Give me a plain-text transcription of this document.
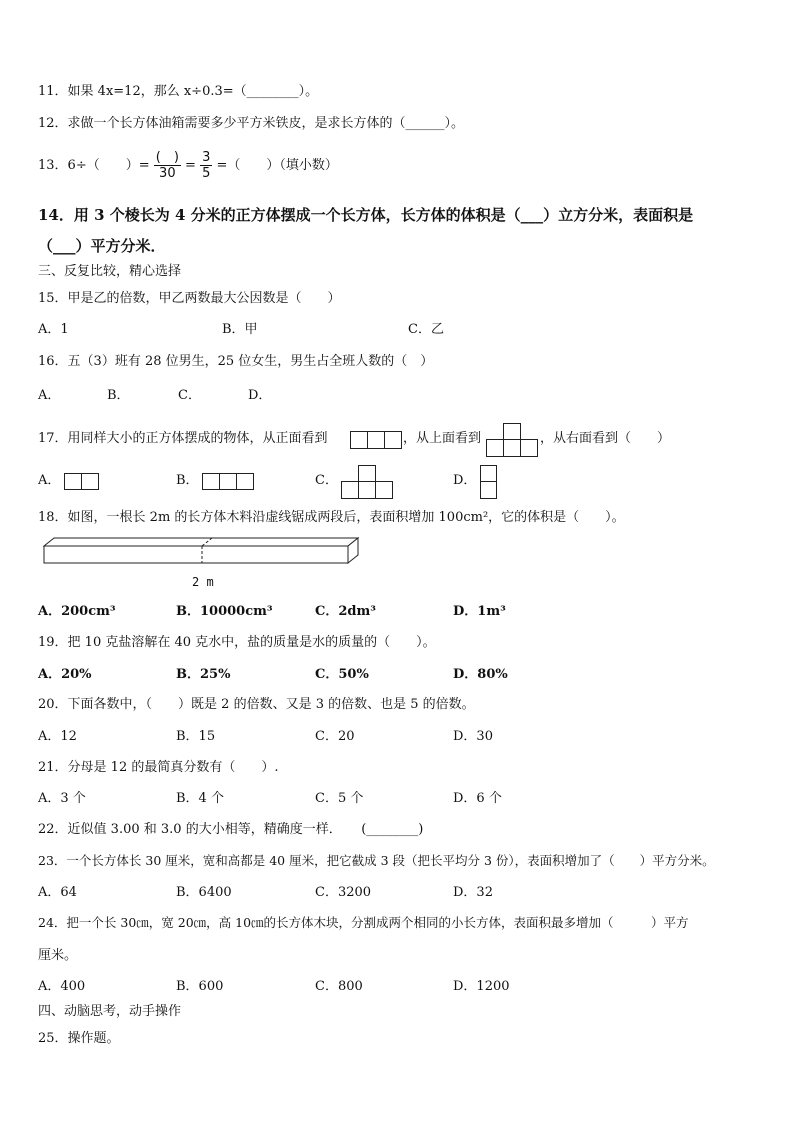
11．如果 4x=12，那么 x÷0.3=（________）。
12．求做一个长方体油箱需要多少平方米铁皮，是求长方体的（______）。
13．6÷（　　）= $\frac{( )}{30} = \frac{3}{5}$ =（　　）（填小数）
14．用 3 个棱长为 4 分米的正方体摆成一个长方体，长方体的体积是（___）立方分米，表面积是
（___）平方分米．
三、反复比较，精心选择
15．甲是乙的倍数，甲乙两数最大公因数是（　　）
A．1	B．甲	C．乙
16．五（3）班有 28 位男生，25 位女生，男生占全班人数的（　）
A．	B．	C．	D．
17．用同样大小的正方体摆成的物体，从正面看到	，从上面看到	，从右面看到（　　）
A．	B．	C．	D．
18．如图，一根长 2m 的长方体木料沿虚线锯成两段后，表面积增加 100cm²，它的体积是（　　）。
2 m
A．200cm³	B．10000cm³	C．2dm³	D．1m³
19．把 10 克盐溶解在 40 克水中，盐的质量是水的质量的（　　）。
A．20%	B．25%	C．50%	D．80%
20．下面各数中，（　　）既是 2 的倍数、又是 3 的倍数、也是 5 的倍数。
A．12	B．15	C．20	D．30
21．分母是 12 的最简真分数有（　　）.
A．3 个	B．4 个	C．5 个	D．6 个
22．近似值 3.00 和 3.0 的大小相等，精确度一样．　　(________)
23．一个长方体长 30 厘米，宽和高都是 40 厘米，把它截成 3 段（把长平均分 3 份），表面积增加了（　　）平方分米。
A．64	B．6400	C．3200	D．32
24．把一个长 30㎝，宽 20㎝，高 10㎝的长方体木块，分割成两个相同的小长方体，表面积最多增加（　　　）平方
厘米。
A．400	B．600	C．800	D．1200
四、动脑思考，动手操作
25．操作题。
